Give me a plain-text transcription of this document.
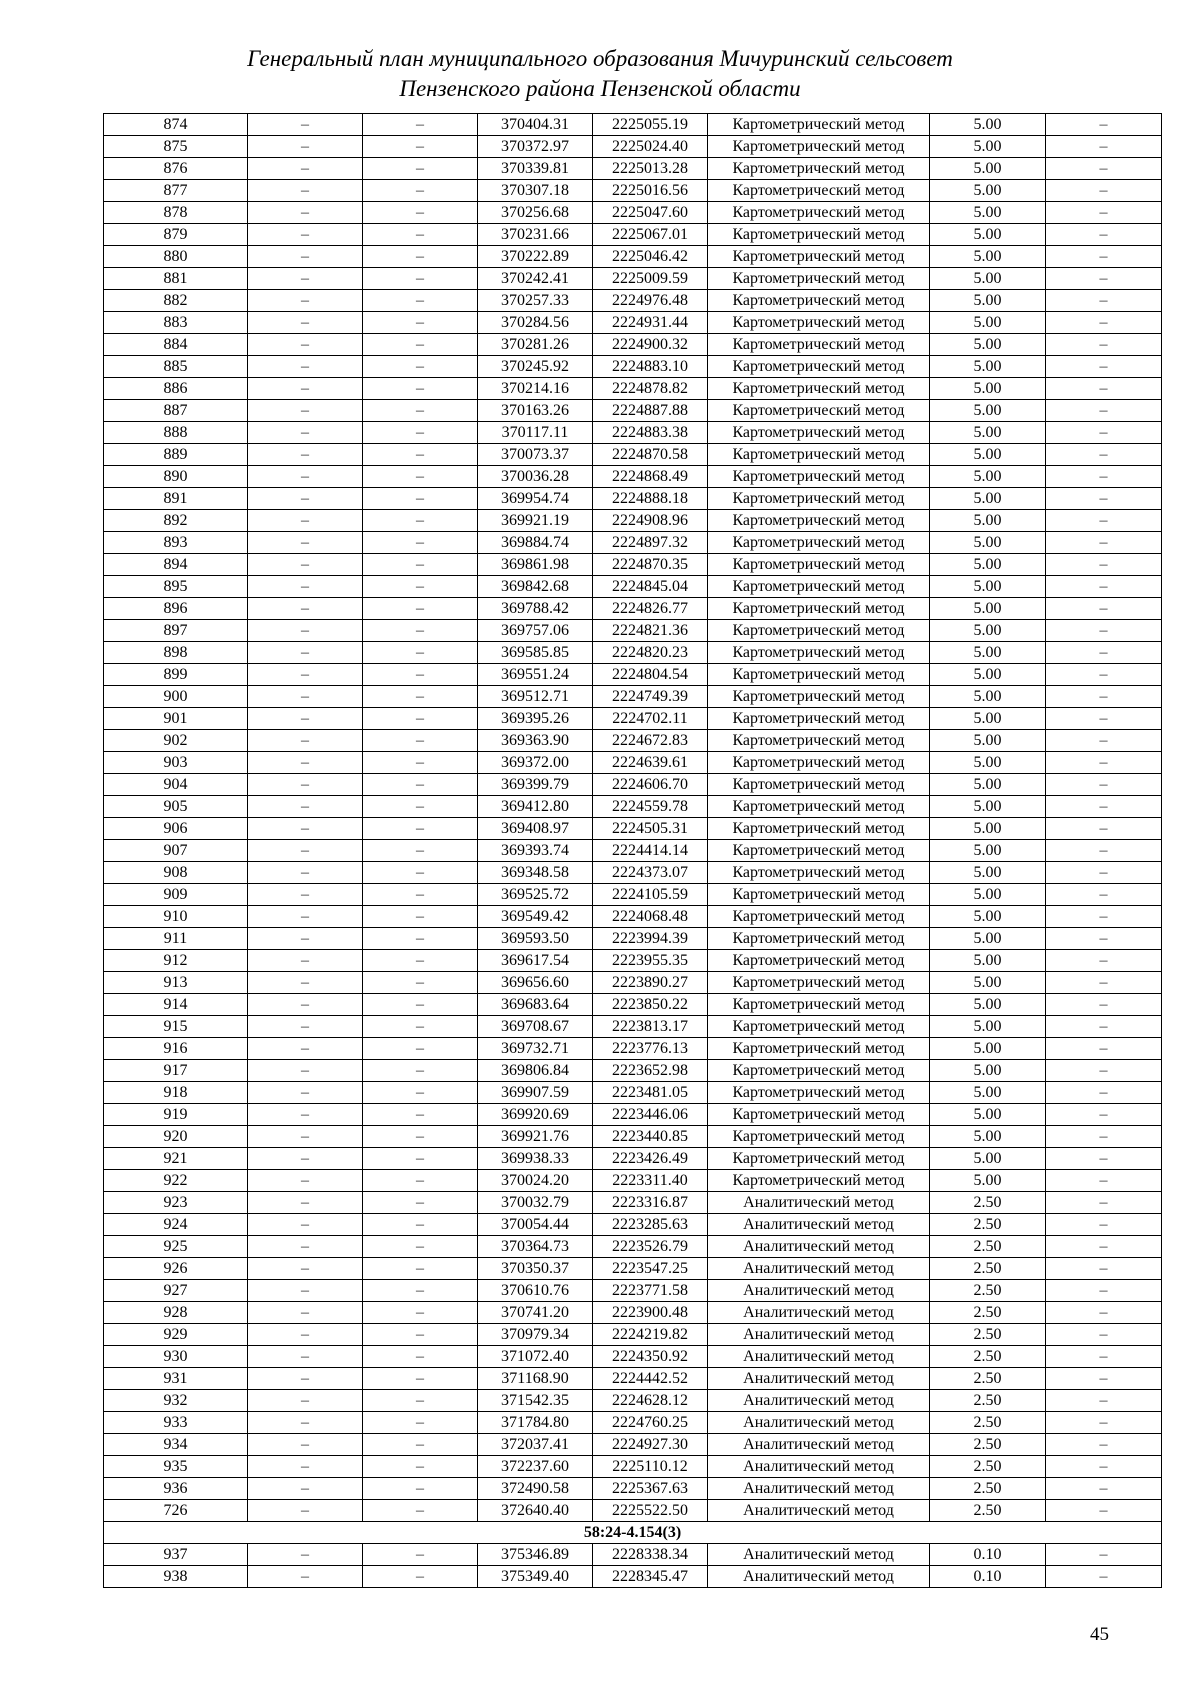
Генеральный план муниципального образования Мичуринский сельсовет
Пензенского района Пензенской области
874	–	–	370404.31	2225055.19	Картометрический метод	5.00	–
875	–	–	370372.97	2225024.40	Картометрический метод	5.00	–
876	–	–	370339.81	2225013.28	Картометрический метод	5.00	–
877	–	–	370307.18	2225016.56	Картометрический метод	5.00	–
878	–	–	370256.68	2225047.60	Картометрический метод	5.00	–
879	–	–	370231.66	2225067.01	Картометрический метод	5.00	–
880	–	–	370222.89	2225046.42	Картометрический метод	5.00	–
881	–	–	370242.41	2225009.59	Картометрический метод	5.00	–
882	–	–	370257.33	2224976.48	Картометрический метод	5.00	–
883	–	–	370284.56	2224931.44	Картометрический метод	5.00	–
884	–	–	370281.26	2224900.32	Картометрический метод	5.00	–
885	–	–	370245.92	2224883.10	Картометрический метод	5.00	–
886	–	–	370214.16	2224878.82	Картометрический метод	5.00	–
887	–	–	370163.26	2224887.88	Картометрический метод	5.00	–
888	–	–	370117.11	2224883.38	Картометрический метод	5.00	–
889	–	–	370073.37	2224870.58	Картометрический метод	5.00	–
890	–	–	370036.28	2224868.49	Картометрический метод	5.00	–
891	–	–	369954.74	2224888.18	Картометрический метод	5.00	–
892	–	–	369921.19	2224908.96	Картометрический метод	5.00	–
893	–	–	369884.74	2224897.32	Картометрический метод	5.00	–
894	–	–	369861.98	2224870.35	Картометрический метод	5.00	–
895	–	–	369842.68	2224845.04	Картометрический метод	5.00	–
896	–	–	369788.42	2224826.77	Картометрический метод	5.00	–
897	–	–	369757.06	2224821.36	Картометрический метод	5.00	–
898	–	–	369585.85	2224820.23	Картометрический метод	5.00	–
899	–	–	369551.24	2224804.54	Картометрический метод	5.00	–
900	–	–	369512.71	2224749.39	Картометрический метод	5.00	–
901	–	–	369395.26	2224702.11	Картометрический метод	5.00	–
902	–	–	369363.90	2224672.83	Картометрический метод	5.00	–
903	–	–	369372.00	2224639.61	Картометрический метод	5.00	–
904	–	–	369399.79	2224606.70	Картометрический метод	5.00	–
905	–	–	369412.80	2224559.78	Картометрический метод	5.00	–
906	–	–	369408.97	2224505.31	Картометрический метод	5.00	–
907	–	–	369393.74	2224414.14	Картометрический метод	5.00	–
908	–	–	369348.58	2224373.07	Картометрический метод	5.00	–
909	–	–	369525.72	2224105.59	Картометрический метод	5.00	–
910	–	–	369549.42	2224068.48	Картометрический метод	5.00	–
911	–	–	369593.50	2223994.39	Картометрический метод	5.00	–
912	–	–	369617.54	2223955.35	Картометрический метод	5.00	–
913	–	–	369656.60	2223890.27	Картометрический метод	5.00	–
914	–	–	369683.64	2223850.22	Картометрический метод	5.00	–
915	–	–	369708.67	2223813.17	Картометрический метод	5.00	–
916	–	–	369732.71	2223776.13	Картометрический метод	5.00	–
917	–	–	369806.84	2223652.98	Картометрический метод	5.00	–
918	–	–	369907.59	2223481.05	Картометрический метод	5.00	–
919	–	–	369920.69	2223446.06	Картометрический метод	5.00	–
920	–	–	369921.76	2223440.85	Картометрический метод	5.00	–
921	–	–	369938.33	2223426.49	Картометрический метод	5.00	–
922	–	–	370024.20	2223311.40	Картометрический метод	5.00	–
923	–	–	370032.79	2223316.87	Аналитический метод	2.50	–
924	–	–	370054.44	2223285.63	Аналитический метод	2.50	–
925	–	–	370364.73	2223526.79	Аналитический метод	2.50	–
926	–	–	370350.37	2223547.25	Аналитический метод	2.50	–
927	–	–	370610.76	2223771.58	Аналитический метод	2.50	–
928	–	–	370741.20	2223900.48	Аналитический метод	2.50	–
929	–	–	370979.34	2224219.82	Аналитический метод	2.50	–
930	–	–	371072.40	2224350.92	Аналитический метод	2.50	–
931	–	–	371168.90	2224442.52	Аналитический метод	2.50	–
932	–	–	371542.35	2224628.12	Аналитический метод	2.50	–
933	–	–	371784.80	2224760.25	Аналитический метод	2.50	–
934	–	–	372037.41	2224927.30	Аналитический метод	2.50	–
935	–	–	372237.60	2225110.12	Аналитический метод	2.50	–
936	–	–	372490.58	2225367.63	Аналитический метод	2.50	–
726	–	–	372640.40	2225522.50	Аналитический метод	2.50	–
58:24-4.154(3)							
937	–	–	375346.89	2228338.34	Аналитический метод	0.10	–
938	–	–	375349.40	2228345.47	Аналитический метод	0.10	–
45
